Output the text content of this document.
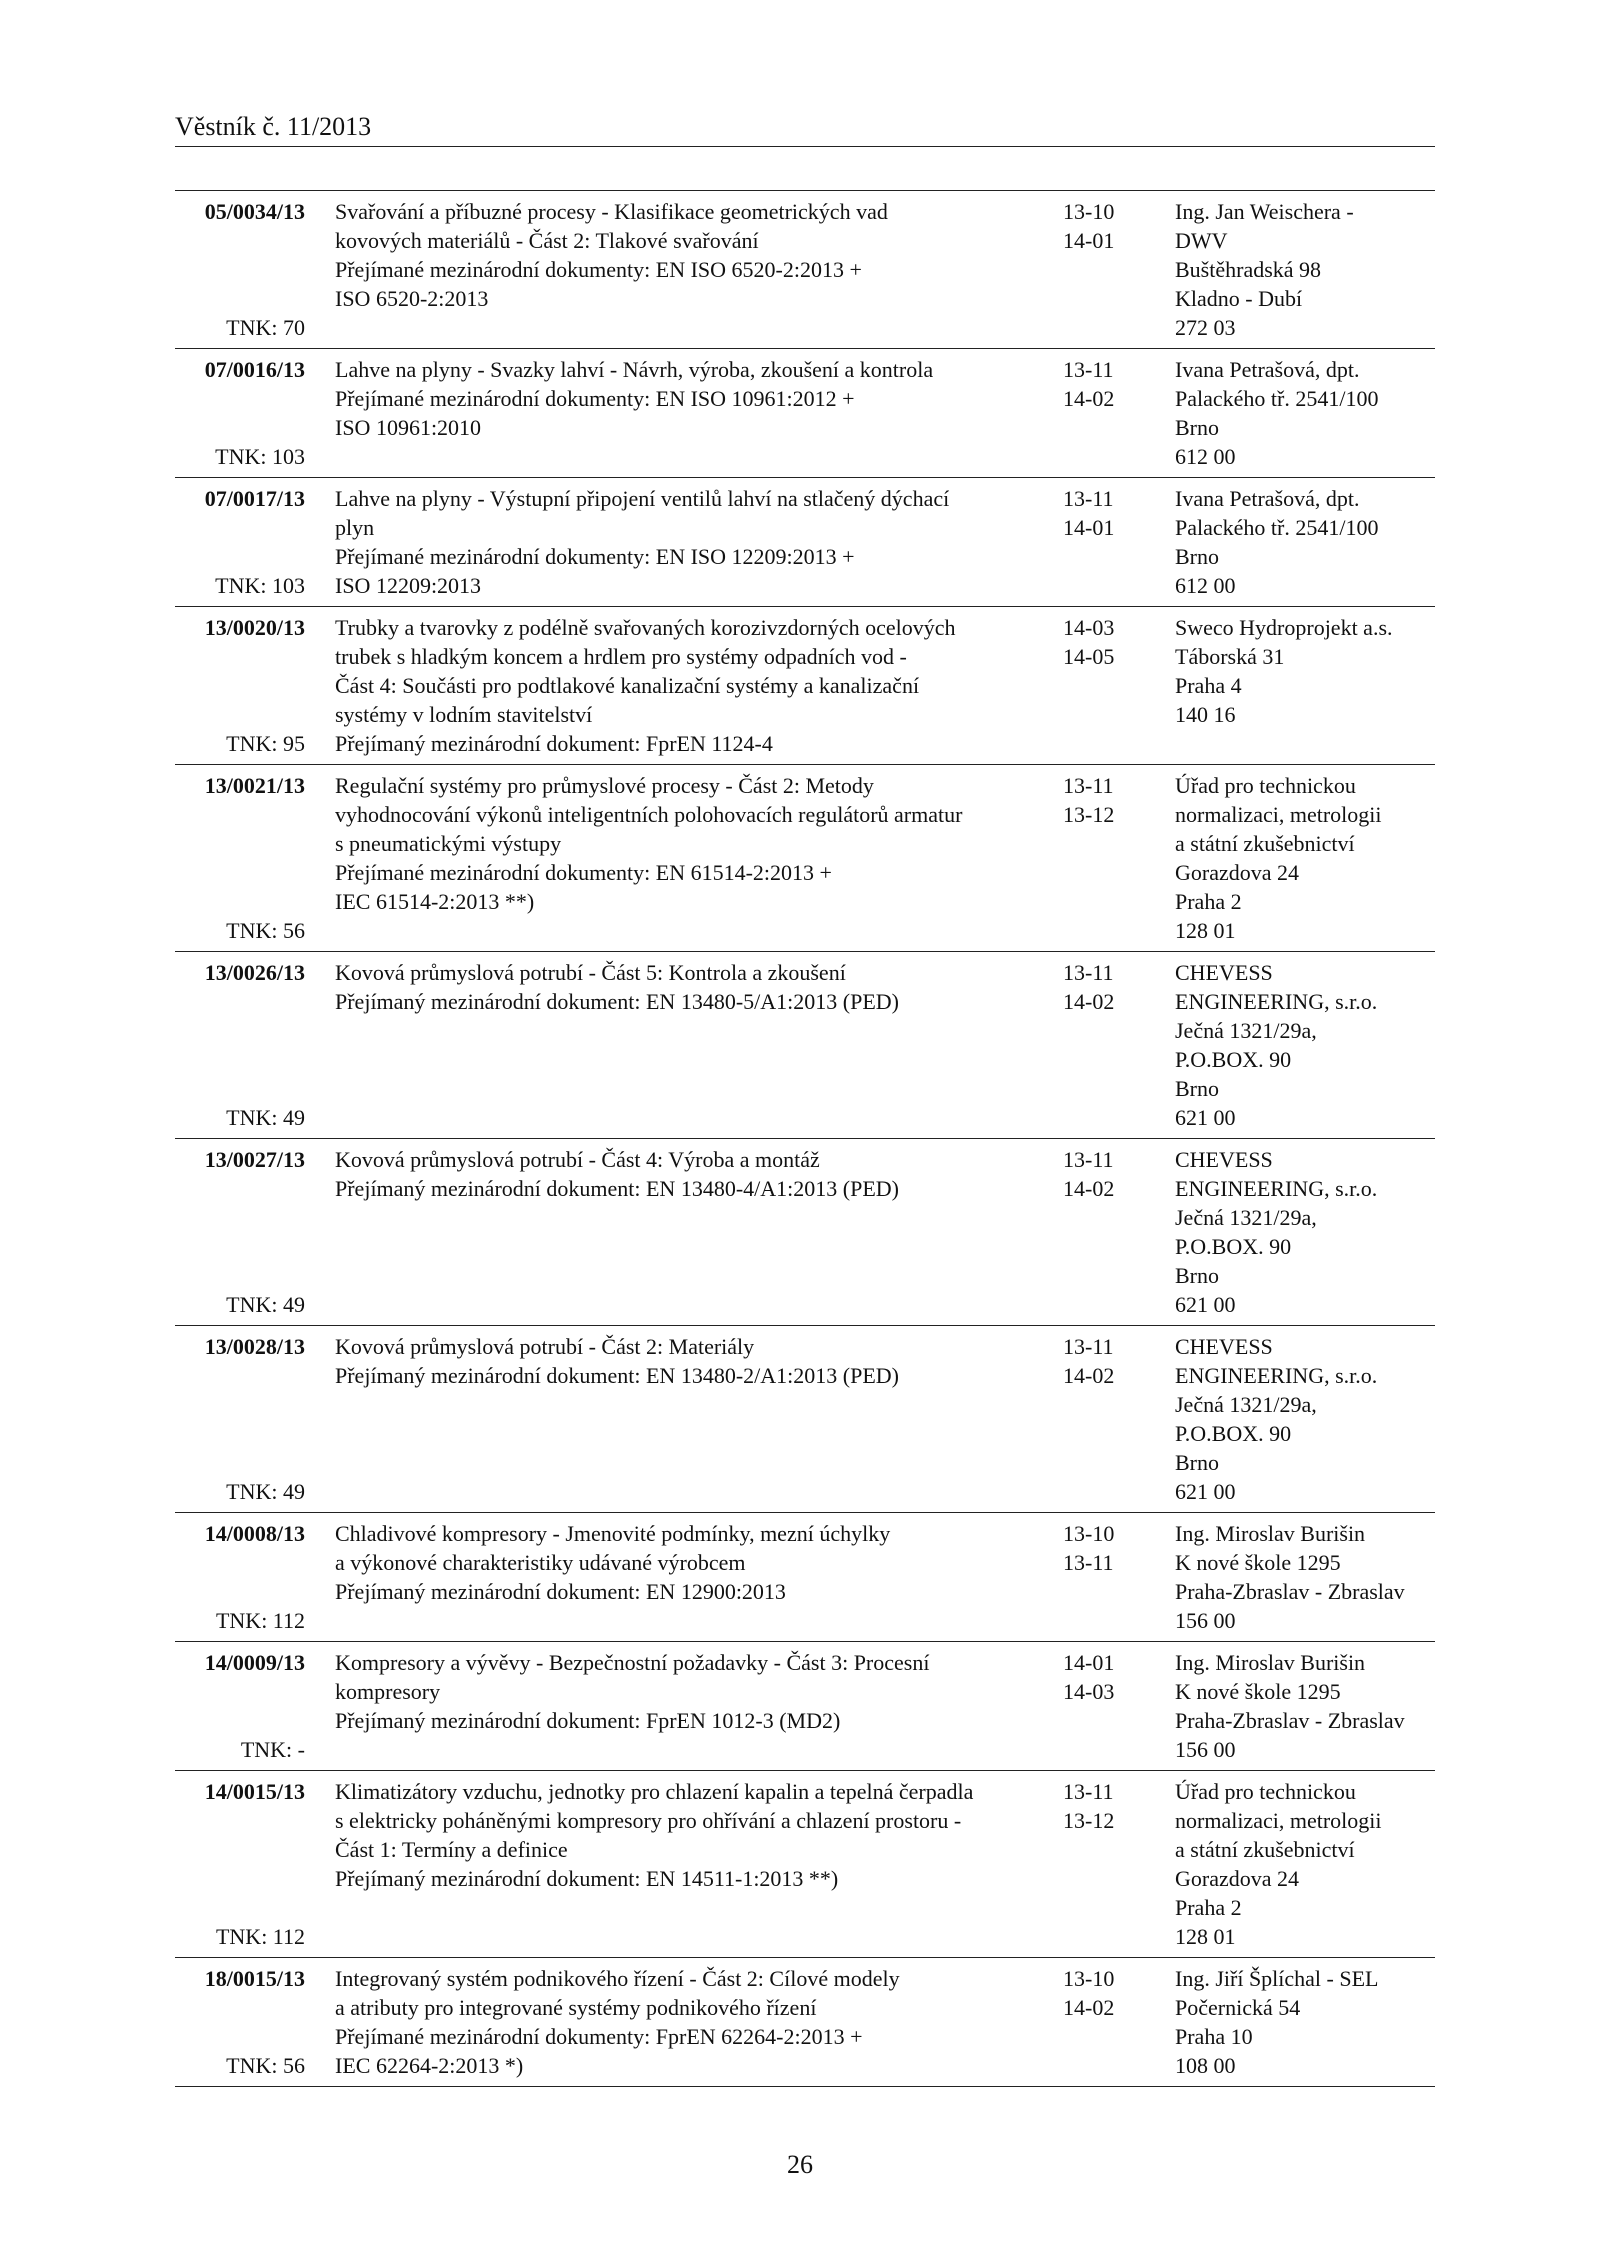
Věstník č. 11/2013
05/0034/13
TNK: 70
Svařování a příbuzné procesy - Klasifikace geometrických vad
kovových materiálů - Část 2: Tlakové svařování
Přejímané mezinárodní dokumenty: EN ISO 6520-2:2013 +
ISO 6520-2:2013
13-10
14-01
Ing. Jan Weischera -
DWV
Buštěhradská 98
Kladno - Dubí
272 03
07/0016/13
TNK: 103
Lahve na plyny - Svazky lahví - Návrh, výroba, zkoušení a kontrola
Přejímané mezinárodní dokumenty: EN ISO 10961:2012 +
ISO 10961:2010
13-11
14-02
Ivana Petrašová, dpt.
Palackého tř. 2541/100
Brno
612 00
07/0017/13
TNK: 103
Lahve na plyny - Výstupní připojení ventilů lahví na stlačený dýchací
plyn
Přejímané mezinárodní dokumenty: EN ISO 12209:2013 +
ISO 12209:2013
13-11
14-01
Ivana Petrašová, dpt.
Palackého tř. 2541/100
Brno
612 00
13/0020/13
TNK: 95
Trubky a tvarovky z podélně svařovaných korozivzdorných ocelových
trubek s hladkým koncem a hrdlem pro systémy odpadních vod -
Část 4: Součásti pro podtlakové kanalizační systémy a kanalizační
systémy v lodním stavitelství
Přejímaný mezinárodní dokument: FprEN 1124-4
14-03
14-05
Sweco Hydroprojekt a.s.
Táborská 31
Praha 4
140 16
13/0021/13
TNK: 56
Regulační systémy pro průmyslové procesy - Část 2: Metody
vyhodnocování výkonů inteligentních polohovacích regulátorů armatur
s pneumatickými výstupy
Přejímané mezinárodní dokumenty: EN 61514-2:2013 +
IEC 61514-2:2013 **)
13-11
13-12
Úřad pro technickou
normalizaci, metrologii
a státní zkušebnictví
Gorazdova 24
Praha 2
128 01
13/0026/13
TNK: 49
Kovová průmyslová potrubí - Část 5: Kontrola a zkoušení
Přejímaný mezinárodní dokument: EN 13480-5/A1:2013 (PED)
13-11
14-02
CHEVESS
ENGINEERING, s.r.o.
Ječná 1321/29a,
P.O.BOX. 90
Brno
621 00
13/0027/13
TNK: 49
Kovová průmyslová potrubí - Část 4: Výroba a montáž
Přejímaný mezinárodní dokument: EN 13480-4/A1:2013 (PED)
13-11
14-02
CHEVESS
ENGINEERING, s.r.o.
Ječná 1321/29a,
P.O.BOX. 90
Brno
621 00
13/0028/13
TNK: 49
Kovová průmyslová potrubí - Část 2: Materiály
Přejímaný mezinárodní dokument: EN 13480-2/A1:2013 (PED)
13-11
14-02
CHEVESS
ENGINEERING, s.r.o.
Ječná 1321/29a,
P.O.BOX. 90
Brno
621 00
14/0008/13
TNK: 112
Chladivové kompresory - Jmenovité podmínky, mezní úchylky
a výkonové charakteristiky udávané výrobcem
Přejímaný mezinárodní dokument: EN 12900:2013
13-10
13-11
Ing. Miroslav Burišin
K nové škole 1295
Praha-Zbraslav - Zbraslav
156 00
14/0009/13
TNK: -
Kompresory a vývěvy - Bezpečnostní požadavky - Část 3: Procesní
kompresory
Přejímaný mezinárodní dokument: FprEN 1012-3 (MD2)
14-01
14-03
Ing. Miroslav Burišin
K nové škole 1295
Praha-Zbraslav - Zbraslav
156 00
14/0015/13
TNK: 112
Klimatizátory vzduchu, jednotky pro chlazení kapalin a tepelná čerpadla
s elektricky poháněnými kompresory pro ohřívání a chlazení prostoru -
Část 1: Termíny a definice
Přejímaný mezinárodní dokument: EN 14511-1:2013 **)
13-11
13-12
Úřad pro technickou
normalizaci, metrologii
a státní zkušebnictví
Gorazdova 24
Praha 2
128 01
18/0015/13
TNK: 56
Integrovaný systém podnikového řízení - Část 2: Cílové modely
a atributy pro integrované systémy podnikového řízení
Přejímané mezinárodní dokumenty: FprEN 62264-2:2013 +
IEC 62264-2:2013 *)
13-10
14-02
Ing. Jiří Šplíchal - SEL
Počernická 54
Praha 10
108 00
26
